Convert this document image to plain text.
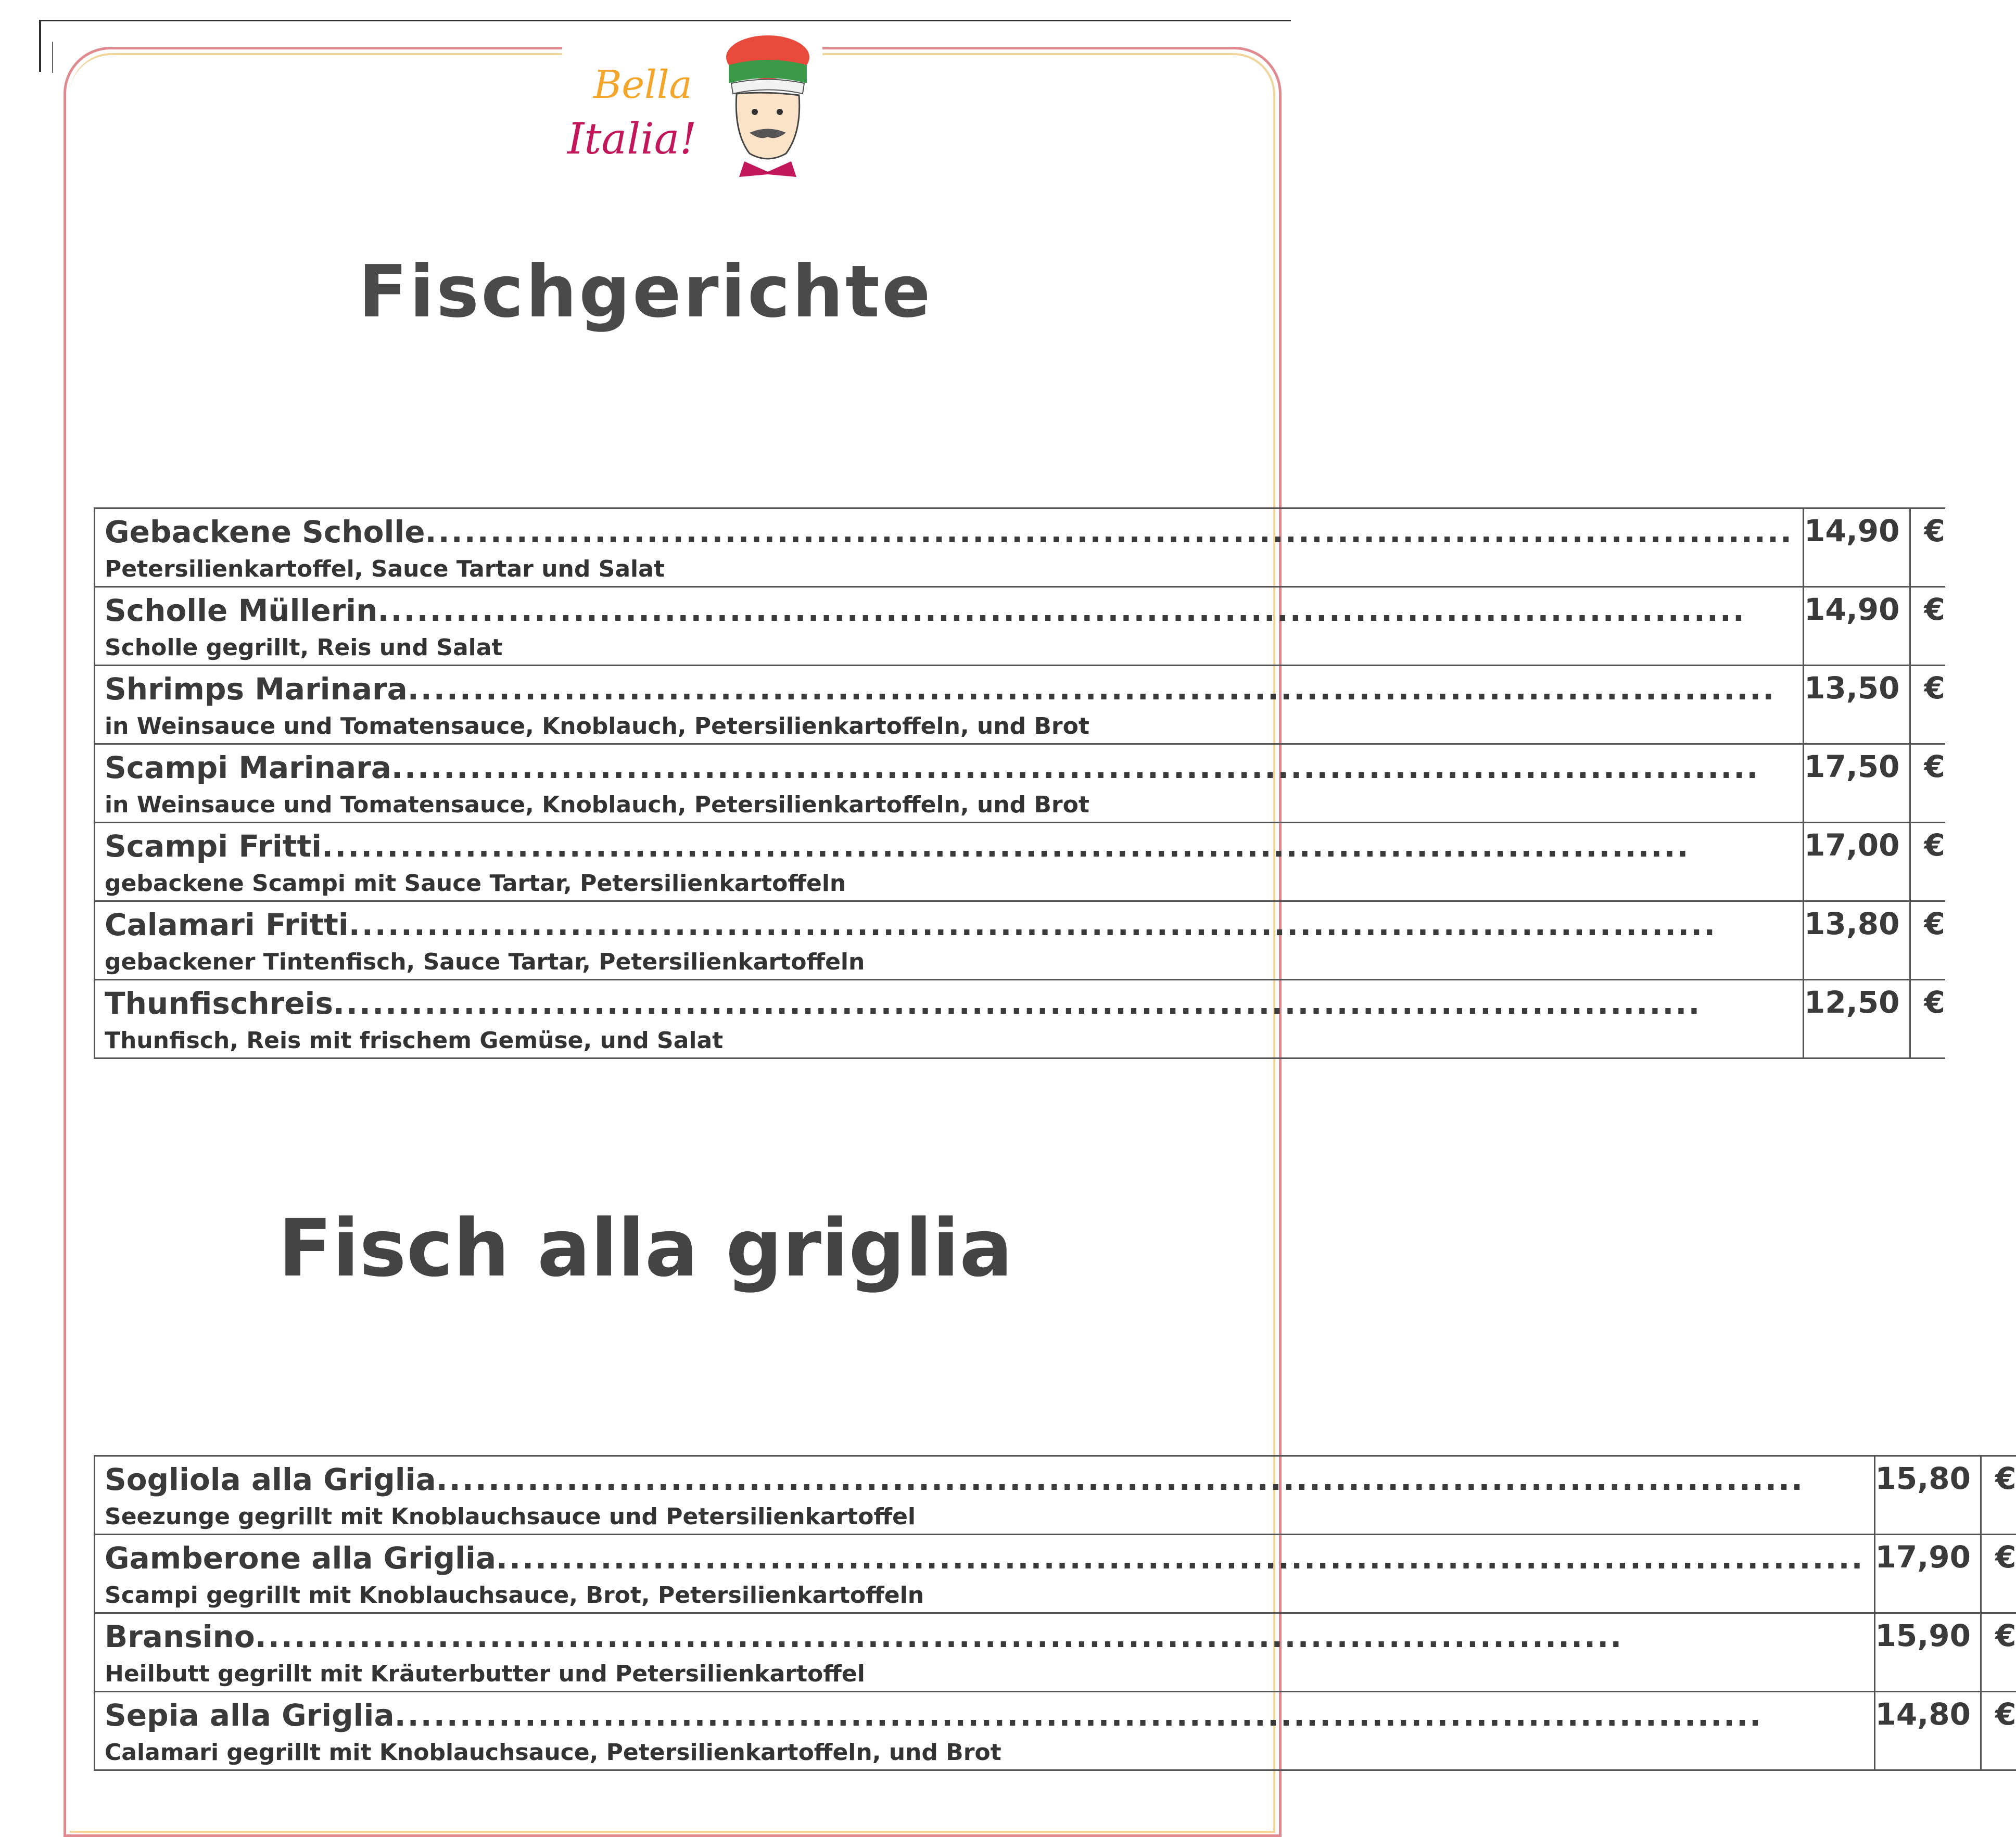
Bella
Italia!
Fischgerichte
Gebackene Scholle .........................................................................................................
Petersilienkartoffel, Sauce Tartar und Salat	14,90	€

Scholle Müllerin .........................................................................................................
Scholle gegrillt, Reis und Salat	14,90	€

Shrimps Marinara .........................................................................................................
in Weinsauce und Tomatensauce, Knoblauch, Petersilienkartoffeln, und Brot	13,50	€

Scampi Marinara .........................................................................................................
in Weinsauce und Tomatensauce, Knoblauch, Petersilienkartoffeln, und Brot	17,50	€

Scampi Fritti .........................................................................................................
gebackene Scampi mit Sauce Tartar, Petersilienkartoffeln	17,00	€

Calamari Fritti .........................................................................................................
gebackener Tintenfisch, Sauce Tartar, Petersilienkartoffeln	13,80	€

Thunfischreis .........................................................................................................
Thunfisch, Reis mit frischem Gemüse, und Salat	12,50	€
Fisch alla griglia
Sogliola alla Griglia .........................................................................................................
Seezunge gegrillt mit Knoblauchsauce und Petersilienkartoffel	15,80	€

Gamberone alla Griglia .........................................................................................................
Scampi gegrillt mit Knoblauchsauce, Brot, Petersilienkartoffeln	17,90	€

Bransino .........................................................................................................
Heilbutt gegrillt mit Kräuterbutter und Petersilienkartoffel	15,90	€

Sepia alla Griglia .........................................................................................................
Calamari gegrillt mit Knoblauchsauce, Petersilienkartoffeln, und Brot	14,80	€
